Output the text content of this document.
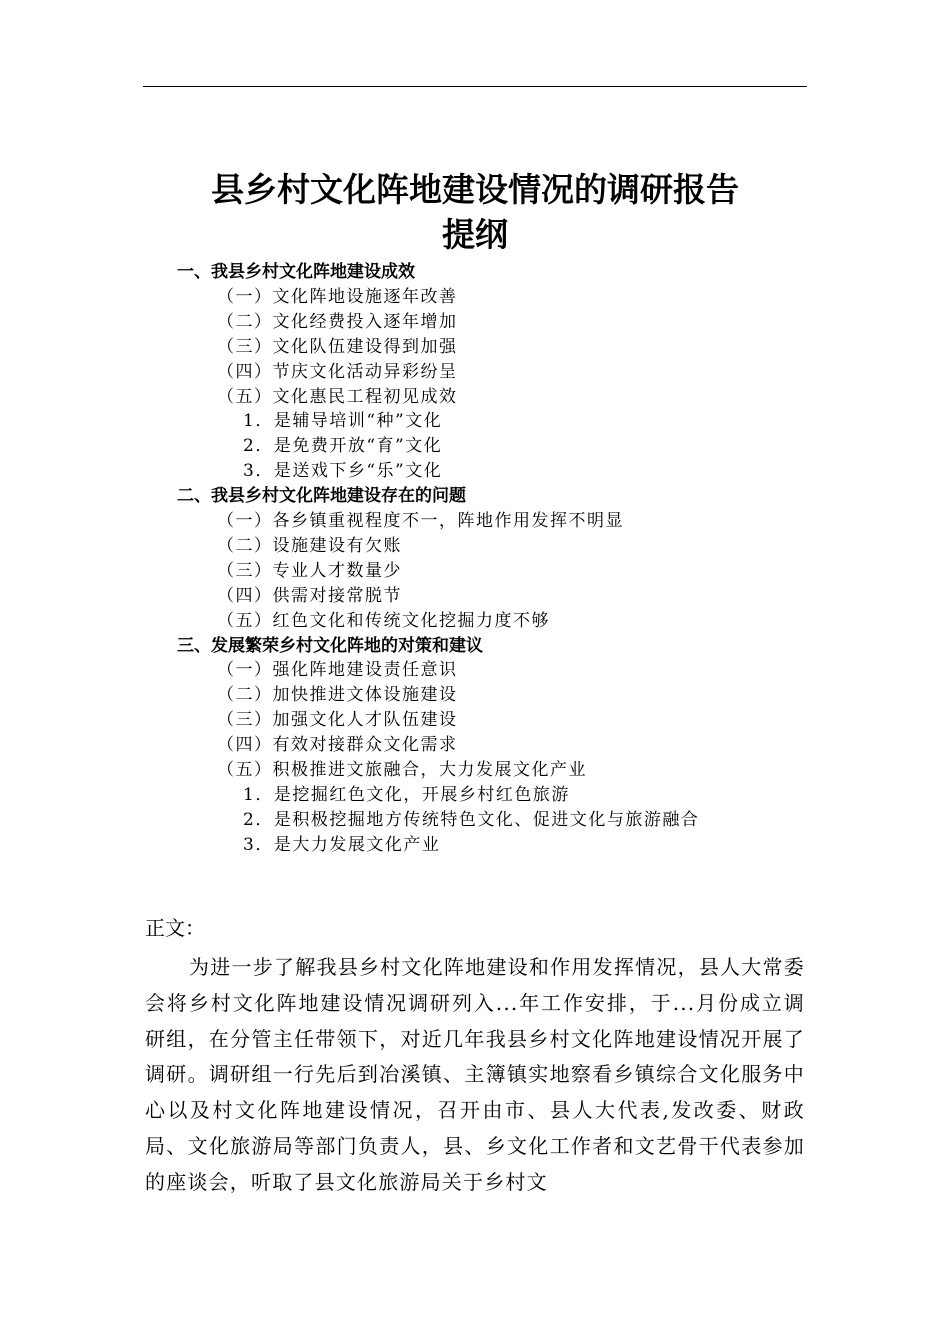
县乡村文化阵地建设情况的调研报告
提纲
一、我县乡村文化阵地建设成效
（一）文化阵地设施逐年改善
（二）文化经费投入逐年增加
（三）文化队伍建设得到加强
（四）节庆文化活动异彩纷呈
（五）文化惠民工程初见成效
1．是辅导培训“种”文化
2．是免费开放“育”文化
3．是送戏下乡“乐”文化
二、我县乡村文化阵地建设存在的问题
（一）各乡镇重视程度不一，阵地作用发挥不明显
（二）设施建设有欠账
（三）专业人才数量少
（四）供需对接常脱节
（五）红色文化和传统文化挖掘力度不够
三、发展繁荣乡村文化阵地的对策和建议
（一）强化阵地建设责任意识
（二）加快推进文体设施建设
（三）加强文化人才队伍建设
（四）有效对接群众文化需求
（五）积极推进文旅融合，大力发展文化产业
1．是挖掘红色文化，开展乡村红色旅游
2．是积极挖掘地方传统特色文化、促进文化与旅游融合
3．是大力发展文化产业
正文：

为进一步了解我县乡村文化阵地建设和作用发挥情况，县人大常委会将乡村文化阵地建设情况调研列入...年工作安排，于...月份成立调研组，在分管主任带领下，对近几年我县乡村文化阵地建设情况开展了调研。调研组一行先后到冶溪镇、主簿镇实地察看乡镇综合文化服务中心以及村文化阵地建设情况，召开由市、县人大代表,发改委、财政局、文化旅游局等部门负责人，县、乡文化工作者和文艺骨干代表参加的座谈会，听取了县文化旅游局关于乡村文
